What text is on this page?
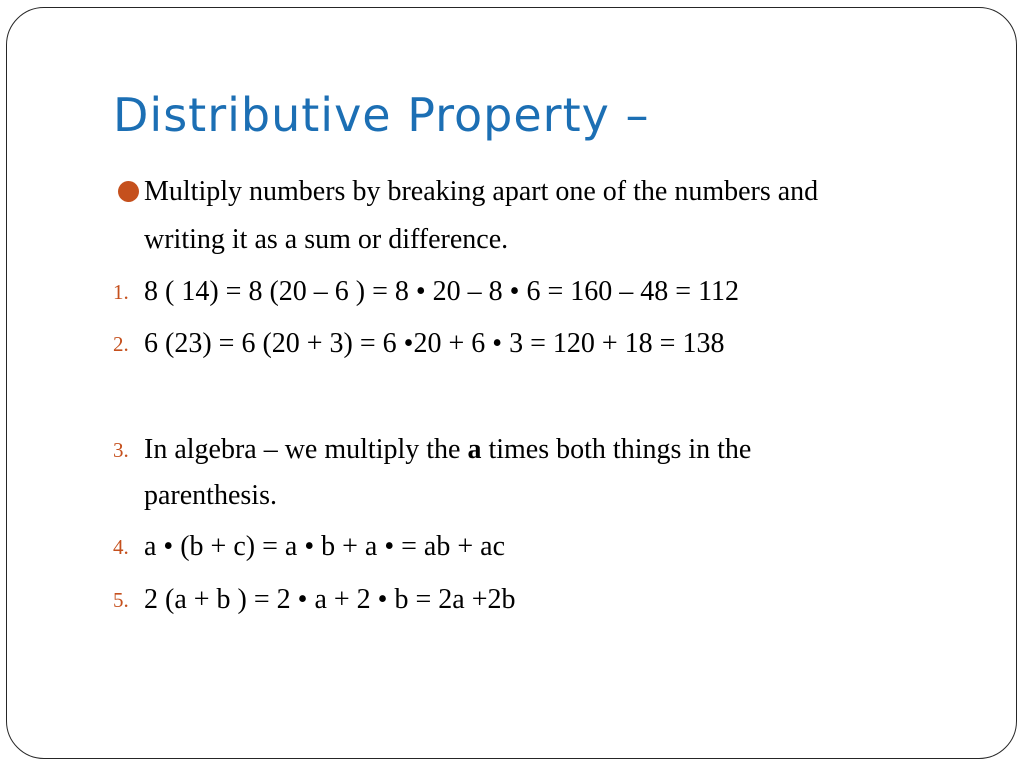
Distributive Property –
Multiply numbers by breaking apart one of the numbers and
writing it as a sum or difference.
1. 8 ( 14) = 8 (20 – 6 ) = 8 • 20 – 8 • 6 = 160 – 48 = 112
2. 6 (23) = 6 (20 + 3) = 6 •20 + 6 • 3 = 120 + 18 = 138
3. In algebra – we multiply the a times both things in the
parenthesis.
4. a • (b + c) = a • b + a • = ab + ac
5. 2 (a + b ) = 2 • a + 2 • b = 2a +2b
